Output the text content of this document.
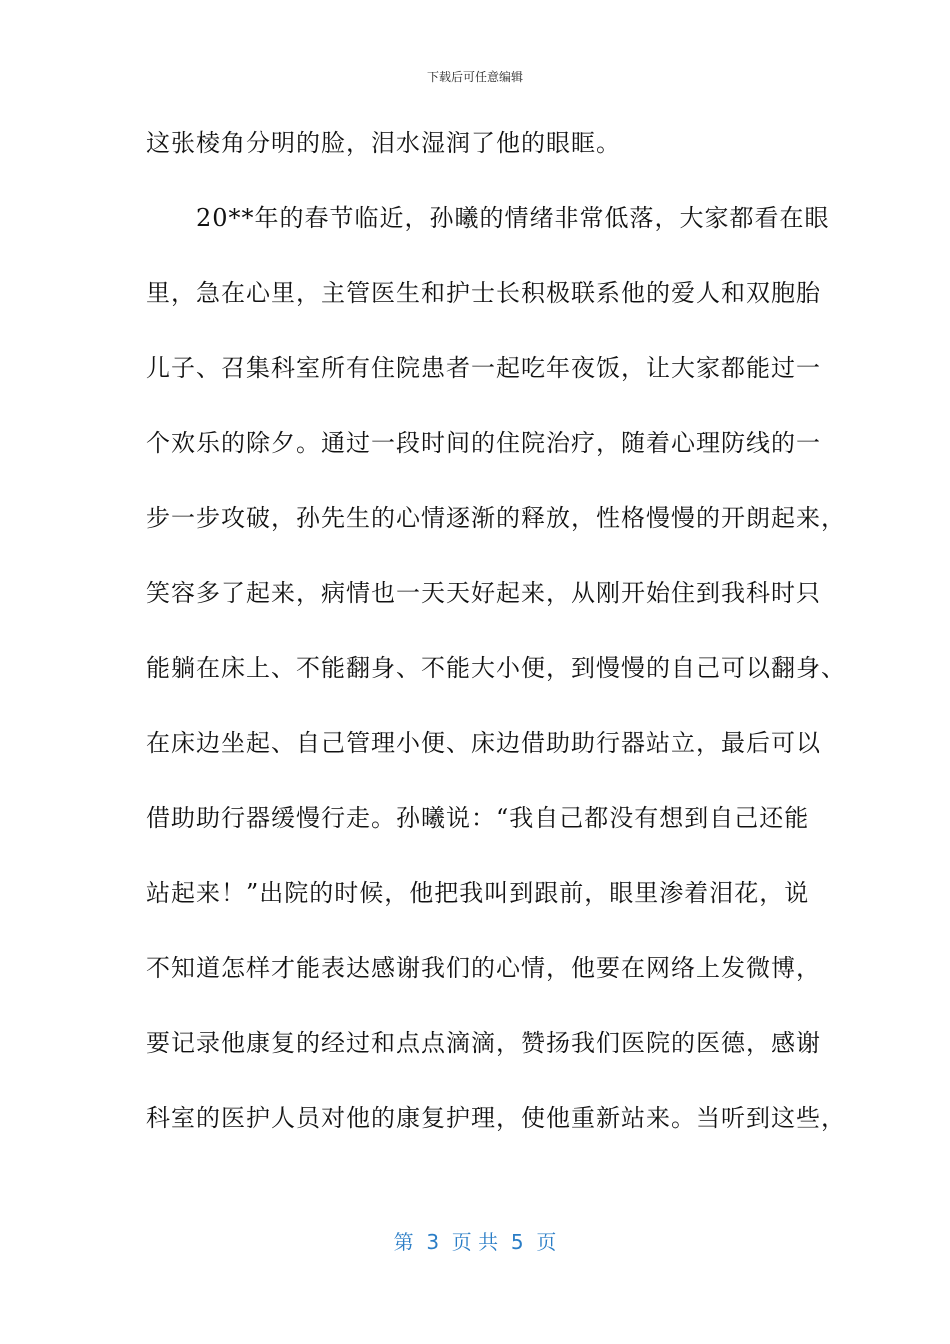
下载后可任意编辑
这张棱角分明的脸，泪水湿润了他的眼眶。
　　20**年的春节临近，孙曦的情绪非常低落，大家都看在眼
里，急在心里，主管医生和护士长积极联系他的爱人和双胞胎
儿子、召集科室所有住院患者一起吃年夜饭，让大家都能过一
个欢乐的除夕。通过一段时间的住院治疗，随着心理防线的一
步一步攻破，孙先生的心情逐渐的释放，性格慢慢的开朗起来，
笑容多了起来，病情也一天天好起来，从刚开始住到我科时只
能躺在床上、不能翻身、不能大小便，到慢慢的自己可以翻身、
在床边坐起、自己管理小便、床边借助助行器站立，最后可以
借助助行器缓慢行走。孙曦说：“我自己都没有想到自己还能
站起来！”出院的时候，他把我叫到跟前，眼里渗着泪花，说
不知道怎样才能表达感谢我们的心情，他要在网络上发微博，
要记录他康复的经过和点点滴滴，赞扬我们医院的医德，感谢
科室的医护人员对他的康复护理，使他重新站来。当听到这些，
第  3  页 共  5  页
